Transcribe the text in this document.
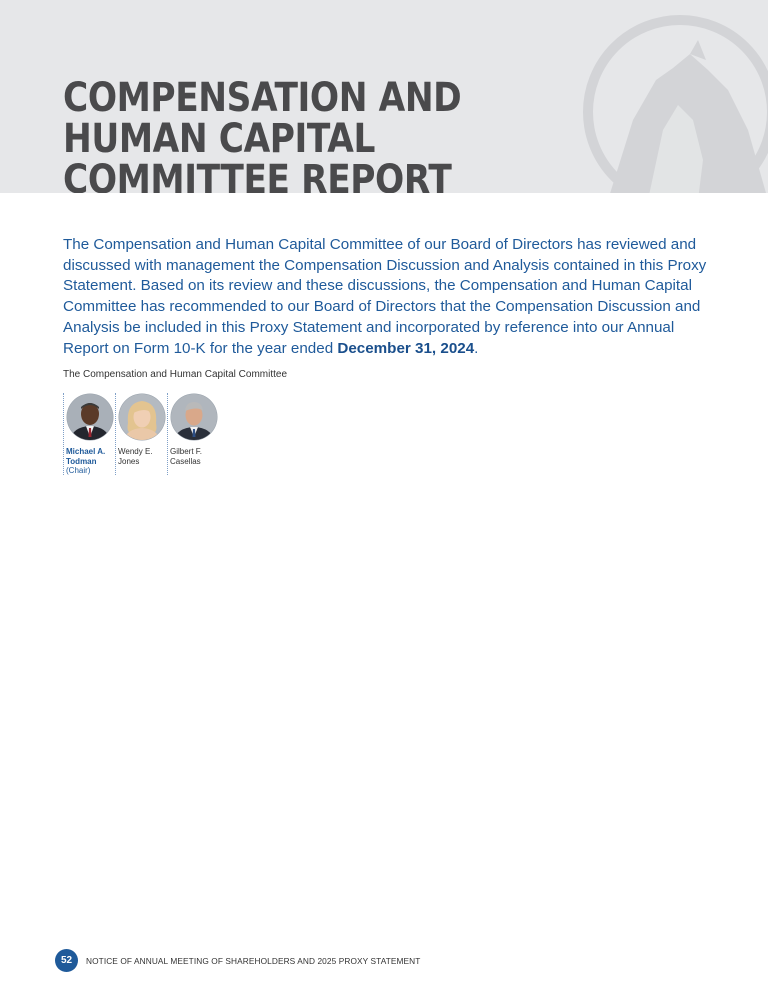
COMPENSATION AND
HUMAN CAPITAL
COMMITTEE REPORT

The Compensation and Human Capital Committee of our Board of Directors has reviewed and discussed with management the Compensation Discussion and Analysis contained in this Proxy Statement. Based on its review and these discussions, the Compensation and Human Capital Committee has recommended to our Board of Directors that the Compensation Discussion and Analysis be included in this Proxy Statement and incorporated by reference into our Annual Report on Form 10-K for the year ended December 31, 2024.

The Compensation and Human Capital Committee

Michael A.
Todman
(Chair)
Wendy E.
Jones
Gilbert F.
Casellas
52	NOTICE OF ANNUAL MEETING OF SHAREHOLDERS AND 2025 PROXY STATEMENT
